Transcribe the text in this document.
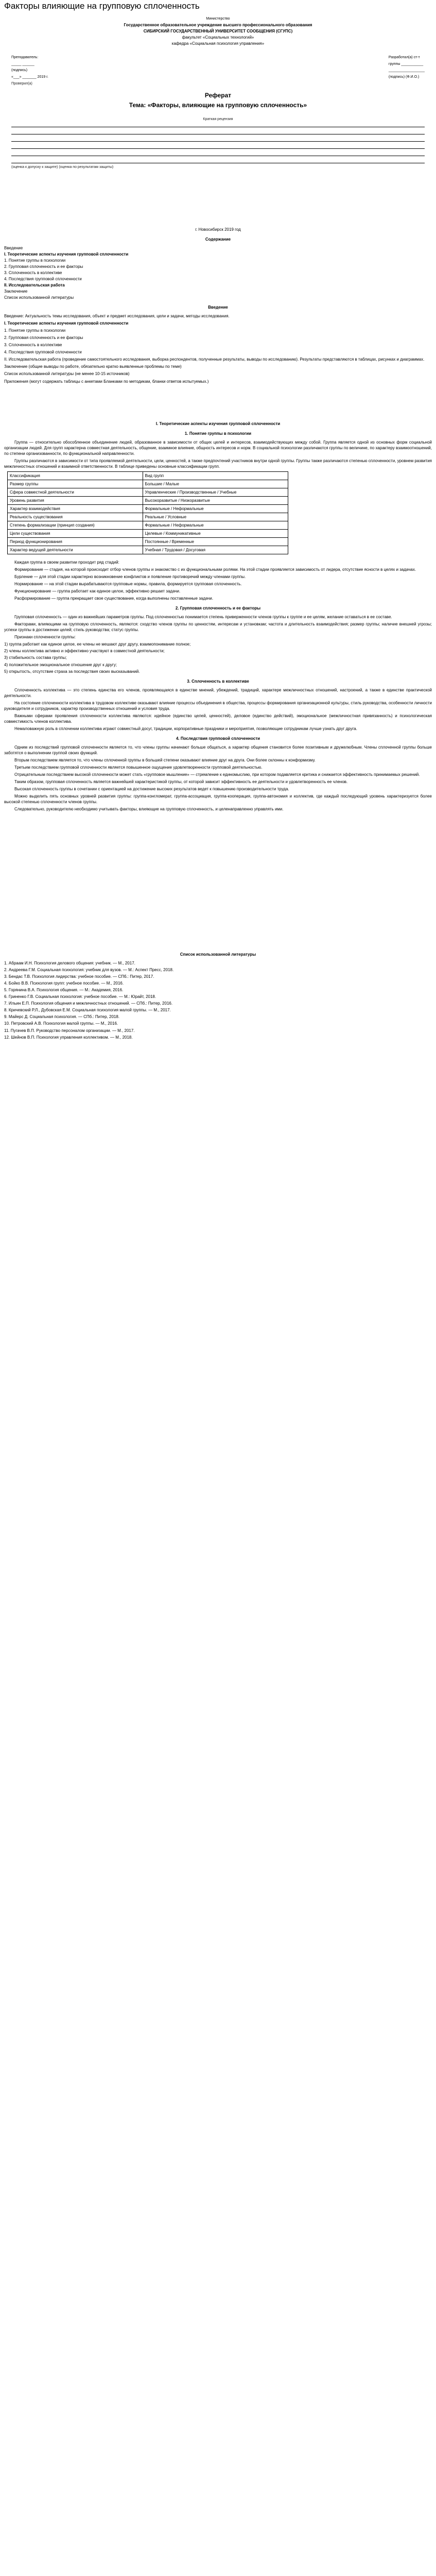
Факторы влияющие на групповую сплоченность
Министерство
Государственное образовательное учреждение высшего профессионального образования
СИБИРСКИЙ ГОСУДАРСТВЕННЫЙ УНИВЕРСИТЕТ СООБЩЕНИЯ (СГУПС)
факультет «Социальных технологий»
кафедра «Социальная психология управления»
Преподаватель:
_____ ______
(подпись)
«___» _______ 2019 г.
Разработал(а) ст-т
группы ___________
__________________
(подпись) (Ф.И.О.)
Проверил(а)
Реферат
Тема: «Факторы, влияющие на групповую сплоченность»
Краткая рецензия
(оценка к допуску к защите) (оценка по результатам защиты)
г. Новосибирск 2019 год
Содержание
Введение
I. Теоретические аспекты изучения групповой сплоченности
1. Понятие группы в психологии
2. Групповая сплоченность и ее факторы
3. Сплоченность в коллективе
4. Последствия групповой сплоченности
II. Исследовательская работа
Заключение
Список использованной литературы
Введение

Введение: Актуальность темы исследования, объект и предмет исследования, цели и задачи, методы исследования.

I. Теоретические аспекты изучения групповой сплоченности

1. Понятие группы в психологии

2. Групповая сплоченность и ее факторы

3. Сплоченность в коллективе

4. Последствия групповой сплоченности

II. Исследовательская работа (проведение самостоятельного исследования, выборка респондентов, полученные результаты, выводы по исследованию). Результаты представляются в таблицах, рисунках и диаграммах.

Заключение (общие выводы по работе, обязательно кратко выявленные проблемы по теме)

Список использованной литературы (не менее 10-15 источников)

Приложения (могут содержать таблицы с анкетами Бланками по методикам, бланки ответов испытуемых.)

I. Теоретические аспекты изучения групповой сплоченности
1. Понятие группы в психологии

Группа — относительно обособленное объединение людей, образованное в зависимости от общих целей и интересов, взаимодействующих между собой. Группа является одной из основных форм социальной организации людей. Для групп характерна совместная деятельность, общение, взаимное влияние, общность интересов и норм. В социальной психологии различаются группы по величине, по характеру взаимоотношений, по степени организованности, по функциональной направленности.

Группы различаются в зависимости от типа проявляемой деятельности, цели, ценностей, а также предпочтений участников внутри одной группы. Группы также различаются степенью сплоченности, уровнем развития межличностных отношений и взаимной ответственности. В таблице приведены основные классификации групп.

Классификация	Вид групп
Размер группы	Большие / Малые
Сфера совместной деятельности	Управленческие / Производственные / Учебные
Уровень развития	Высокоразвитые / Низкоразвитые
Характер взаимодействия	Формальные / Неформальные
Реальность существования	Реальные / Условные
Степень формализации (принцип создания)	Формальные / Неформальные
Цели существования	Целевые / Коммуникативные
Период функционирования	Постоянные / Временные
Характер ведущей деятельности	Учебная / Трудовая / Досуговая

Каждая группа в своем развитии проходит ряд стадий:

Формирование — стадия, на которой происходит отбор членов группы и знакомство с их функциональными ролями. На этой стадии проявляется зависимость от лидера, отсутствие ясности в целях и задачах.

Бурление — для этой стадии характерно возникновение конфликтов и появление противоречий между членами группы.

Нормирование — на этой стадии вырабатываются групповые нормы, правила, формируется групповая сплоченность.

Функционирование — группа работает как единое целое, эффективно решает задачи.

Расформирование — группа прекращает свое существование, когда выполнены поставленные задачи.

2. Групповая сплоченность и ее факторы

Групповая сплоченность — один из важнейших параметров группы. Под сплоченностью понимается степень приверженности членов группы к группе и ее целям, желание оставаться в ее составе.

Факторами, влияющими на групповую сплоченность, являются: сходство членов группы по ценностям, интересам и установкам; частота и длительность взаимодействия; размер группы; наличие внешней угрозы; успехи группы в достижении целей; стиль руководства; статус группы.

Признаки сплоченности группы:

1) группа работает как единое целое, ее члены не мешают друг другу, взаимопонимание полное;
2) члены коллектива активно и эффективно участвуют в совместной деятельности;
3) стабильность состава группы;
4) положительное эмоциональное отношение друг к другу;
5) открытость, отсутствие страха за последствия своих высказываний.
3. Сплоченность в коллективе

Сплоченность коллектива — это степень единства его членов, проявляющаяся в единстве мнений, убеждений, традиций, характере межличностных отношений, настроений, а также в единстве практической деятельности.

На состояние сплоченности коллектива в трудовом коллективе оказывают влияние процессы объединения в общества, процессы формирования организационной культуры, стиль руководства, особенности личности руководителя и сотрудников, характер производственных отношений и условия труда.

Важными сферами проявления сплоченности коллектива являются: идейное (единство целей, ценностей), деловое (единство действий), эмоциональное (межличностная привязанность) и психологическая совместимость членов коллектива.

Немаловажную роль в сплочении коллектива играют совместный досуг, традиции, корпоративные праздники и мероприятия, позволяющие сотрудникам лучше узнать друг друга.

4. Последствия групповой сплоченности

Одним из последствий групповой сплоченности является то, что члены группы начинают больше общаться, а характер общения становится более позитивным и дружелюбным. Члены сплоченной группы больше заботятся о выполнении группой своих функций.

Вторым последствием является то, что члены сплоченной группы в большей степени оказывают влияние друг на друга. Они более склонны к конформизму.

Третьим последствием групповой сплоченности является повышенное ощущение удовлетворенности групповой деятельностью.

Отрицательным последствием высокой сплоченности может стать «групповое мышление» — стремление к единомыслию, при котором подавляется критика и снижается эффективность принимаемых решений.

Таким образом, групповая сплоченность является важнейшей характеристикой группы, от которой зависит эффективность ее деятельности и удовлетворенность ее членов.

Высокая сплоченность группы в сочетании с ориентацией на достижение высоких результатов ведет к повышению производительности труда.

Можно выделить пять основных уровней развития группы: группа-конгломерат, группа-ассоциация, группа-кооперация, группа-автономия и коллектив, где каждый последующий уровень характеризуется более высокой степенью сплоченности членов группы.

Следовательно, руководителю необходимо учитывать факторы, влияющие на групповую сплоченность, и целенаправленно управлять ими.

Список использованной литературы
1. Абраам И.Н. Психология делового общения: учебник. — М., 2017.
2. Андреева Г.М. Социальная психология: учебник для вузов. — М.: Аспект Пресс, 2018.
3. Бендас Т.В. Психология лидерства: учебное пособие. — СПб.: Питер, 2017.
4. Бойко В.В. Психология групп: учебное пособие. — М., 2016.
5. Горянина В.А. Психология общения. — М.: Академия, 2016.
6. Гриненко Г.В. Социальная психология: учебное пособие. — М.: Юрайт, 2018.
7. Ильин Е.П. Психология общения и межличностных отношений. — СПб.: Питер, 2016.
8. Кричевский Р.Л., Дубовская Е.М. Социальная психология малой группы. — М., 2017.
9. Майерс Д. Социальная психология. — СПб.: Питер, 2018.
10. Петровский А.В. Психология малой группы. — М., 2016.
11. Пугачев В.П. Руководство персоналом организации. — М., 2017.
12. Шейнов В.П. Психология управления коллективом. — М., 2018.
